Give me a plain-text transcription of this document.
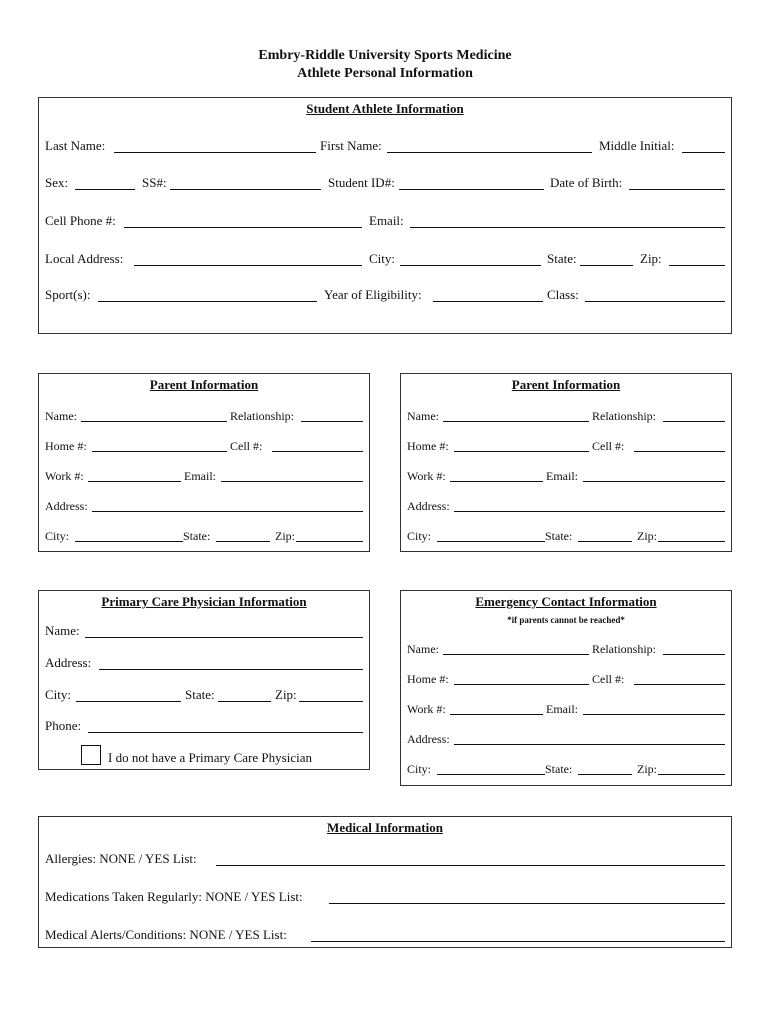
Embry-Riddle University Sports Medicine
Athlete Personal Information
Student Athlete Information
Last Name:	First Name:	Middle Initial:
Sex:	SS#:	Student ID#:	Date of Birth:
Cell Phone #:	Email:
Local Address:	City:	State:	Zip:
Sport(s):	Year of Eligibility:	Class:
Parent Information
Name:	Relationship:
Home #:	Cell #:
Work #:	Email:
Address:
City:	State:	Zip:
Parent Information
Name:	Relationship:
Home #:	Cell #:
Work #:	Email:
Address:
City:	State:	Zip:
Primary Care Physician Information
Name:
Address:
City:	State:	Zip:
Phone:
I do not have a Primary Care Physician
Emergency Contact Information
*if parents cannot be reached*
Name:	Relationship:
Home #:	Cell #:
Work #:	Email:
Address:
City:	State:	Zip:
Medical Information
Allergies: NONE / YES List:
Medications Taken Regularly: NONE / YES List:
Medical Alerts/Conditions: NONE / YES List:
